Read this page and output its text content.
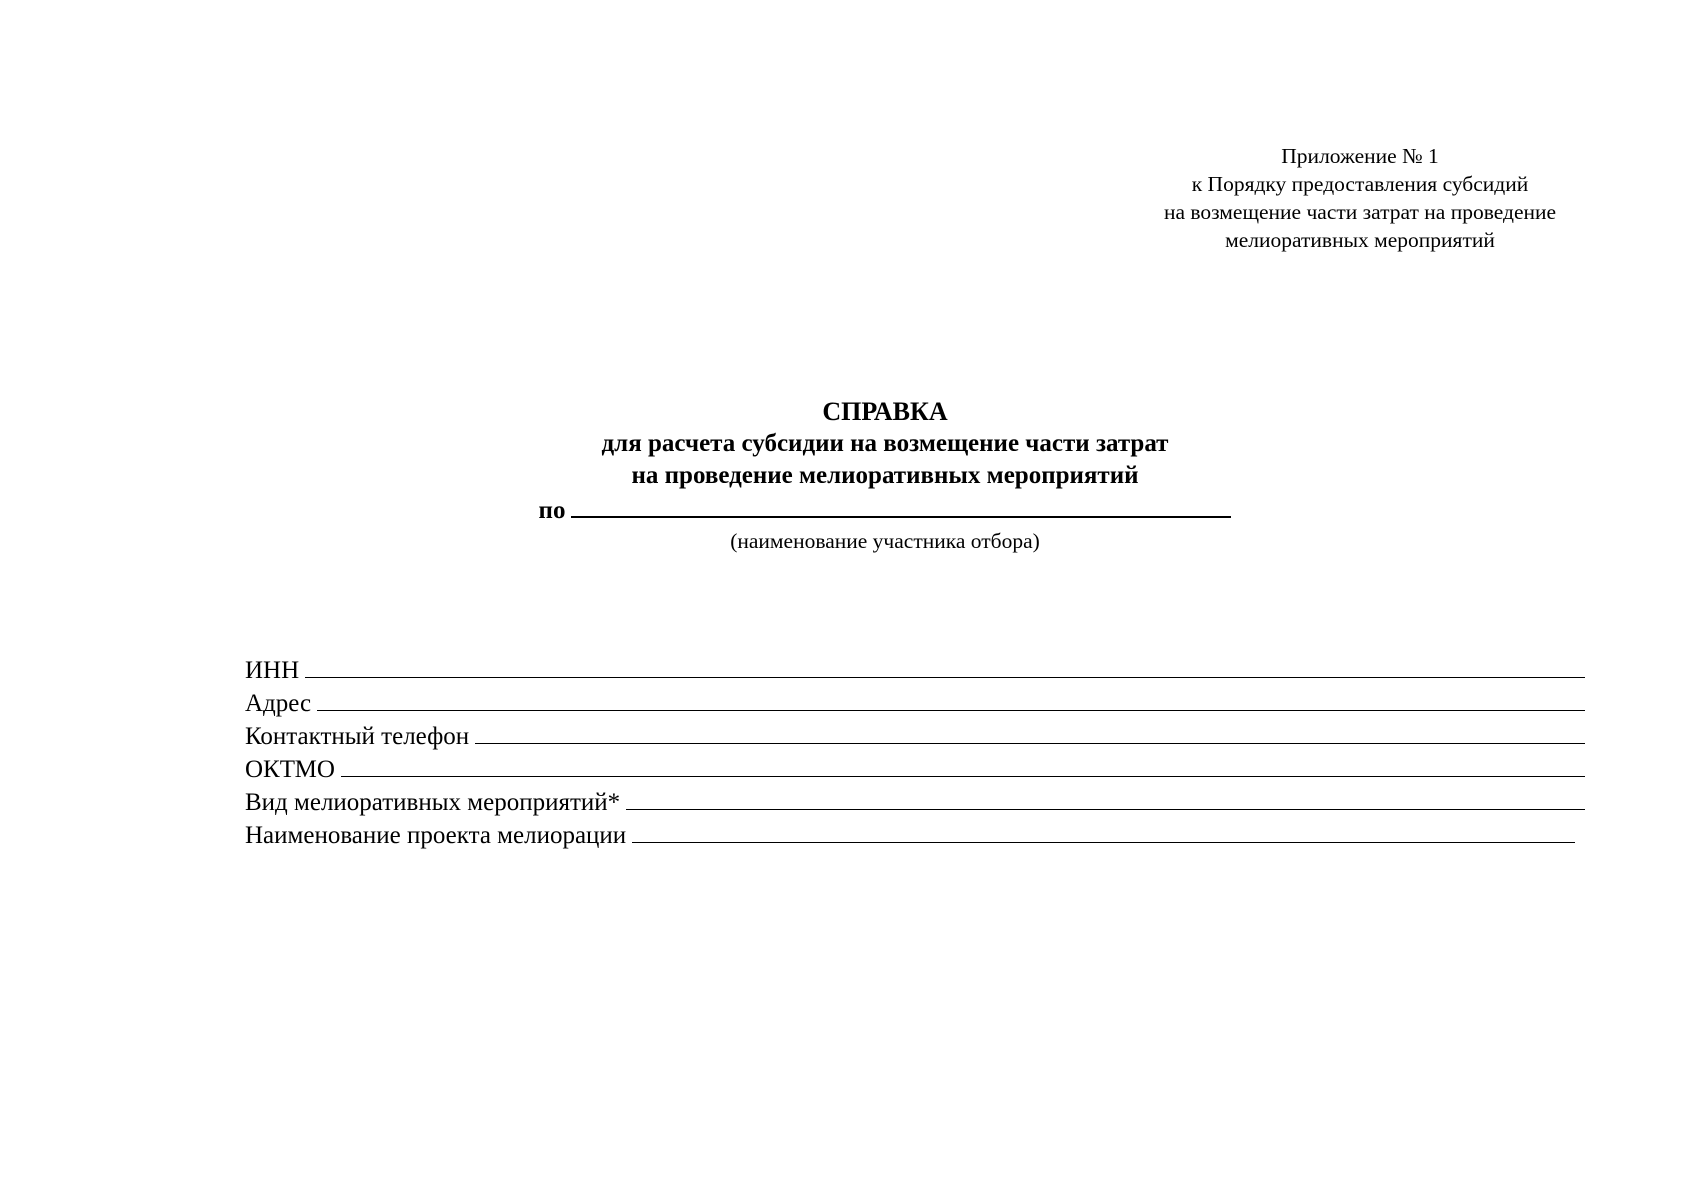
Приложение № 1
к Порядку предоставления субсидий
на возмещение части затрат на проведение
мелиоративных мероприятий
СПРАВКА
для расчета субсидии на возмещение части затрат
на проведение мелиоративных мероприятий
по
(наименование участника отбора)
ИНН
Адрес
Контактный телефон
ОКТМО
Вид мелиоративных мероприятий*
Наименование проекта мелиорации
